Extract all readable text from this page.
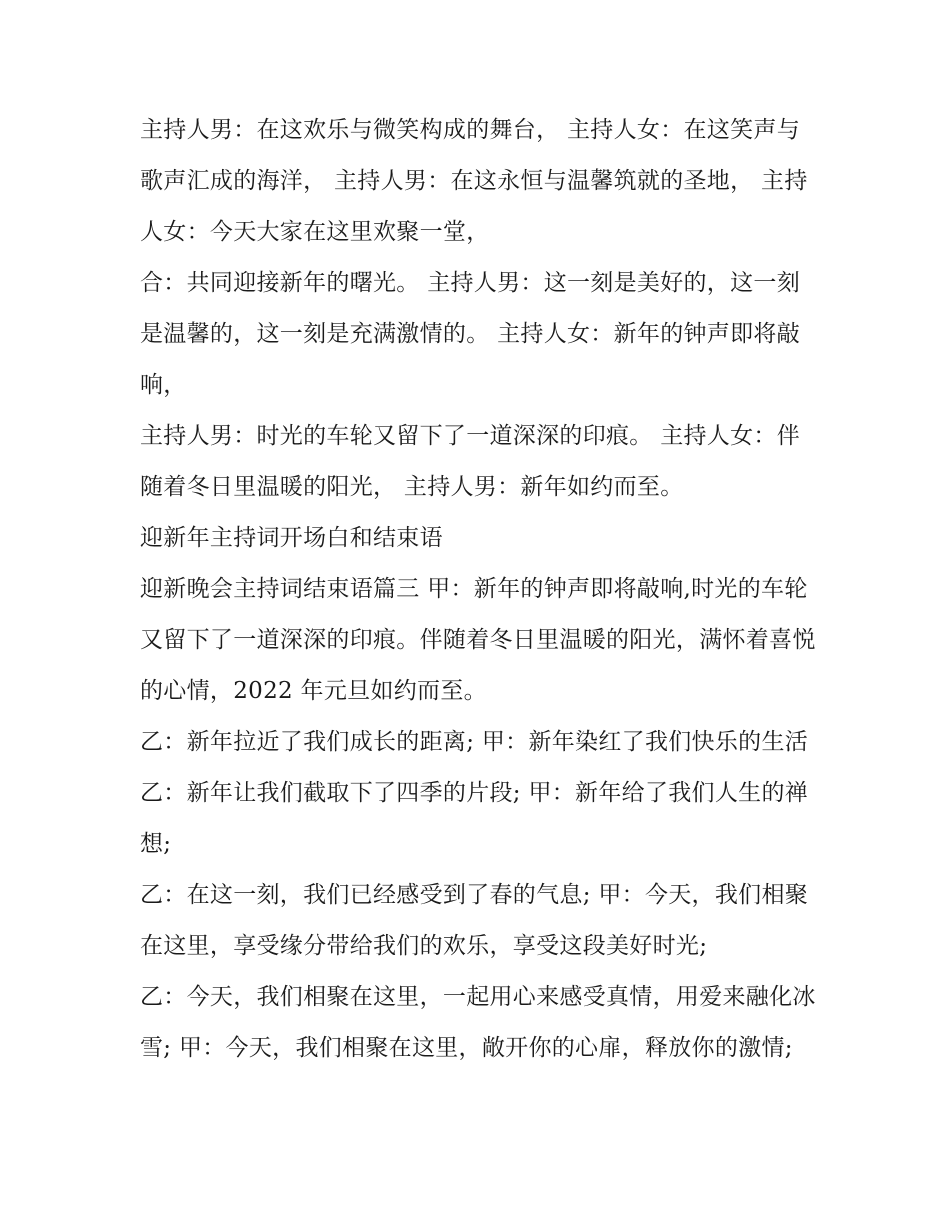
主持人男：在这欢乐与微笑构成的舞台， 主持人女：在这笑声与歌声汇成的海洋， 主持人男：在这永恒与温馨筑就的圣地， 主持人女：今天大家在这里欢聚一堂，

合：共同迎接新年的曙光。 主持人男：这一刻是美好的，这一刻是温馨的，这一刻是充满激情的。 主持人女：新年的钟声即将敲响，

主持人男：时光的车轮又留下了一道深深的印痕。 主持人女：伴随着冬日里温暖的阳光， 主持人男：新年如约而至。

迎新年主持词开场白和结束语

迎新晚会主持词结束语篇三 甲：新年的钟声即将敲响,时光的车轮又留下了一道深深的印痕。伴随着冬日里温暖的阳光，满怀着喜悦的心情，2022 年元旦如约而至。

乙：新年拉近了我们成长的距离; 甲：新年染红了我们快乐的生活 乙：新年让我们截取下了四季的片段; 甲：新年给了我们人生的禅想;

乙：在这一刻，我们已经感受到了春的气息; 甲：今天，我们相聚在这里，享受缘分带给我们的欢乐，享受这段美好时光;

乙：今天，我们相聚在这里，一起用心来感受真情，用爱来融化冰雪; 甲：今天，我们相聚在这里，敞开你的心扉，释放你的激情;
